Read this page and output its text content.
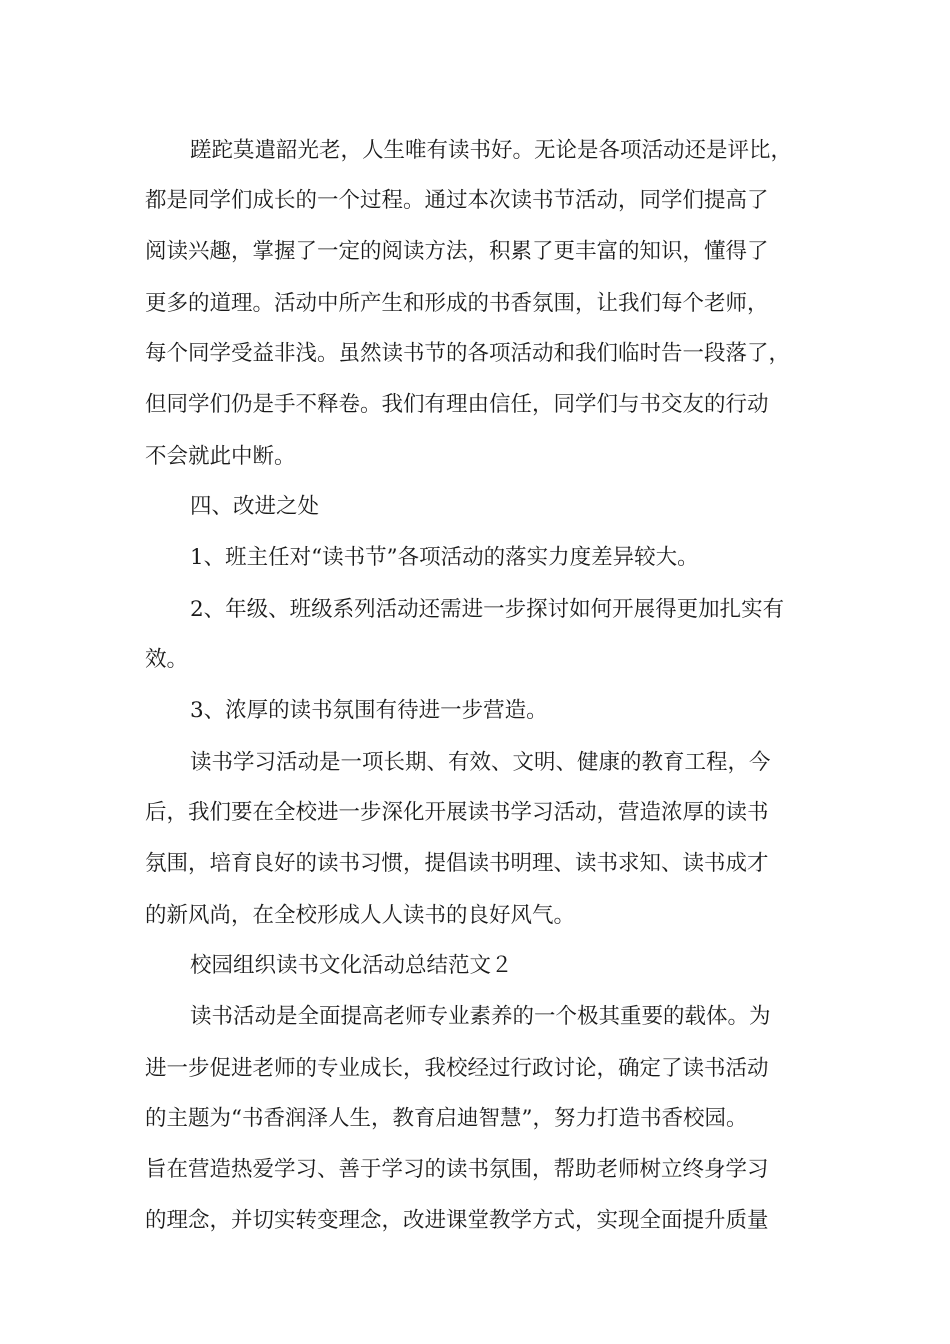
蹉跎莫遣韶光老，人生唯有读书好。无论是各项活动还是评比，

都是同学们成长的一个过程。通过本次读书节活动，同学们提高了

阅读兴趣，掌握了一定的阅读方法，积累了更丰富的知识，懂得了

更多的道理。活动中所产生和形成的书香氛围，让我们每个老师，

每个同学受益非浅。虽然读书节的各项活动和我们临时告一段落了，

但同学们仍是手不释卷。我们有理由信任，同学们与书交友的行动

不会就此中断。

四、改进之处

1、班主任对“读书节”各项活动的落实力度差异较大。

2、年级、班级系列活动还需进一步探讨如何开展得更加扎实有

效。

3、浓厚的读书氛围有待进一步营造。

读书学习活动是一项长期、有效、文明、健康的教育工程，今

后，我们要在全校进一步深化开展读书学习活动，营造浓厚的读书

氛围，培育良好的读书习惯，提倡读书明理、读书求知、读书成才

的新风尚，在全校形成人人读书的良好风气。

校园组织读书文化活动总结范文２

读书活动是全面提高老师专业素养的一个极其重要的载体。为

进一步促进老师的专业成长，我校经过行政讨论，确定了读书活动

的主题为“书香润泽人生，教育启迪智慧”，努力打造书香校园。

旨在营造热爱学习、善于学习的读书氛围，帮助老师树立终身学习

的理念，并切实转变理念，改进课堂教学方式，实现全面提升质量
